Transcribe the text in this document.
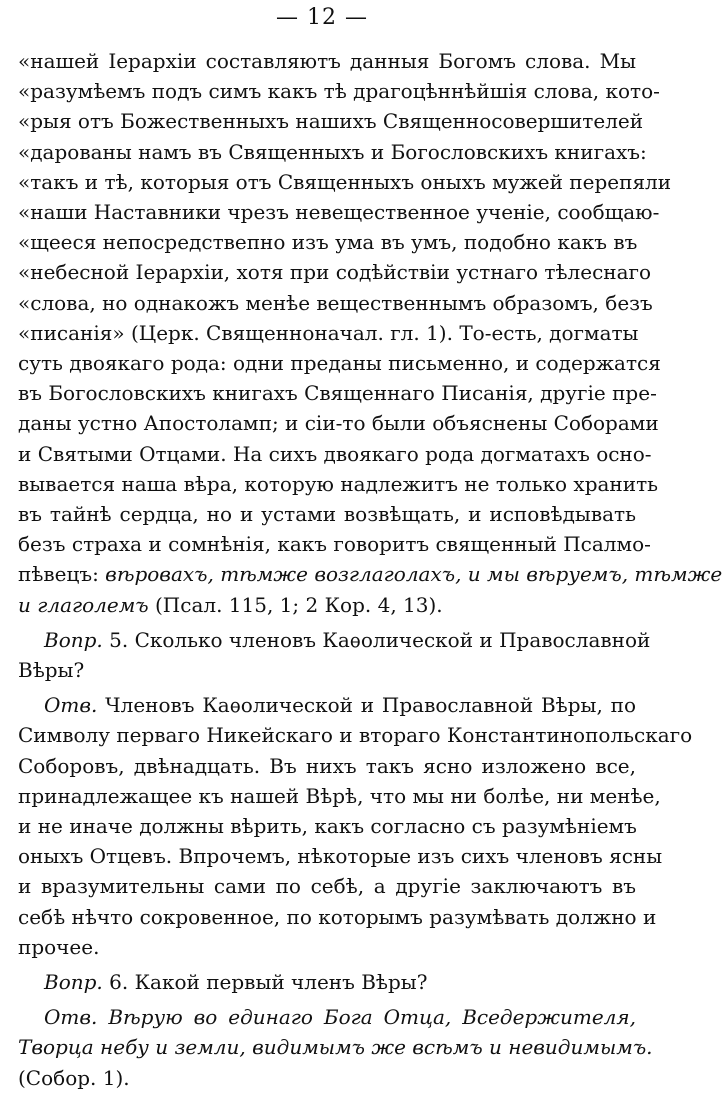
— 12 —
«нашей Іерархіи составляютъ данныя Богомъ слова. Мы
«разумѣемъ подъ симъ какъ тѣ драгоцѣннѣйшія слова, кото-
«рыя отъ Божественныхъ нашихъ Священносовершителей
«дарованы намъ въ Священныхъ и Богословскихъ книгахъ:
«такъ и тѣ, которыя отъ Священныхъ оныхъ мужей перепяли
«наши Наставники чрезъ невещественное ученіе, сообщаю-
«щееся непосредствепно изъ ума въ умъ, подобно какъ въ
«небесной Іерархіи, хотя при содѣйствіи устнаго тѣлеснаго
«слова, но однакожъ менѣе вещественнымъ образомъ, безъ
«писанія» (Церк. Священноначал. гл. 1). То-есть, догматы
суть двоякаго рода: одни преданы письменно, и содержатся
въ Богословскихъ книгахъ Священнаго Писанія, другіе пре-
даны устно Апостоламп; и сіи-то были объяснены Соборами
и Святыми Отцами. На сихъ двоякаго рода догматахъ осно-
вывается наша вѣра, которую надлежитъ не только хранить
въ тайнѣ сердца, но и устами возвѣщать, и исповѣдывать
безъ страха и сомнѣнія, какъ говоритъ священный Псалмо-
пѣвецъ: вѣровахъ, тѣмже возглаголахъ, и мы вѣруемъ, тѣмже
и глаголемъ (Псал. 115, 1; 2 Кор. 4, 13).
Вопр. 5. Сколько членовъ Каѳолической и Православной
Вѣры?
Отв. Членовъ Каѳолической и Православной Вѣры, по
Символу перваго Никейскаго и втораго Константинопольскаго
Соборовъ, двѣнадцать. Въ нихъ такъ ясно изложено все,
принадлежащее къ нашей Вѣрѣ, что мы ни болѣе, ни менѣе,
и не иначе должны вѣрить, какъ согласно съ разумѣніемъ
оныхъ Отцевъ. Впрочемъ, нѣкоторые изъ сихъ членовъ ясны
и вразумительны сами по себѣ, а другіе заключаютъ въ
себѣ нѣчто сокровенное, по которымъ разумѣвать должно и
прочее.
Вопр. 6. Какой первый членъ Вѣры?
Отв. Вѣрую во единаго Бога Отца, Вседержителя,
Творца небу и земли, видимымъ же всѣмъ и невидимымъ.
(Собор. 1).
